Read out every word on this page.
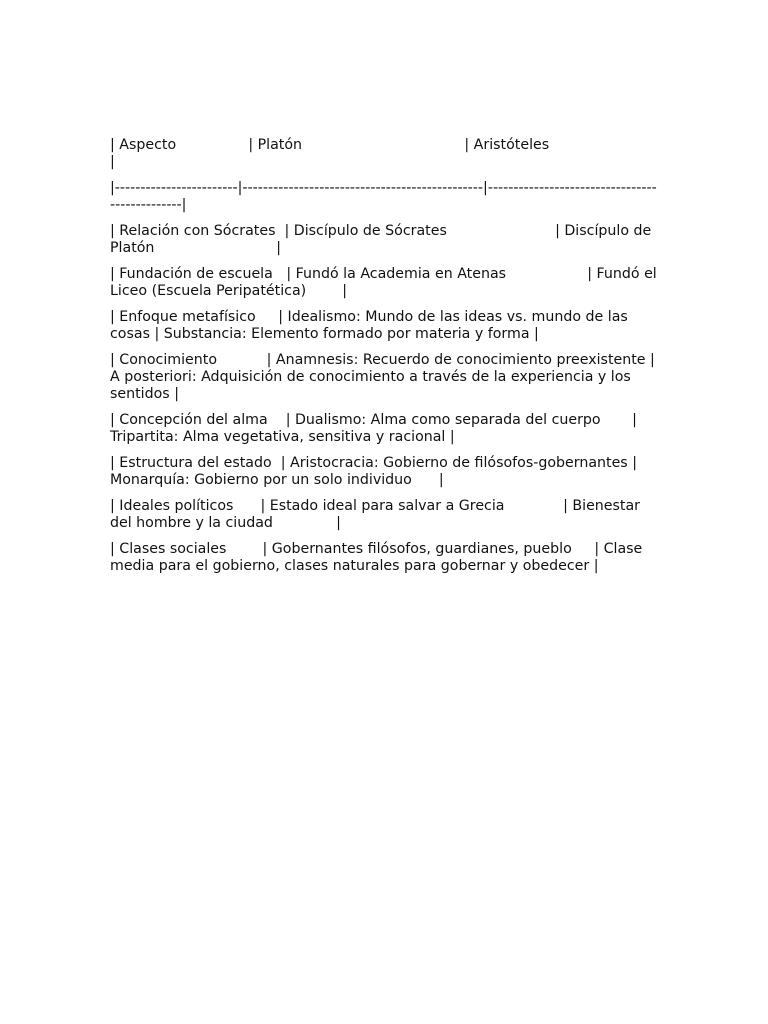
| Aspecto                | Platón                                    | Aristóteles                                   |

|------------------------|-----------------------------------------------|-----------------------------------------------|

| Relación con Sócrates  | Discípulo de Sócrates                        | Discípulo de Platón                           |

| Fundación de escuela   | Fundó la Academia en Atenas                  | Fundó el Liceo (Escuela Peripatética)        |

| Enfoque metafísico     | Idealismo: Mundo de las ideas vs. mundo de las cosas | Substancia: Elemento formado por materia y forma |

| Conocimiento           | Anamnesis: Recuerdo de conocimiento preexistente | A posteriori: Adquisición de conocimiento a través de la experiencia y los sentidos |

| Concepción del alma    | Dualismo: Alma como separada del cuerpo       | Tripartita: Alma vegetativa, sensitiva y racional |

| Estructura del estado  | Aristocracia: Gobierno de filósofos-gobernantes | Monarquía: Gobierno por un solo individuo      |

| Ideales políticos      | Estado ideal para salvar a Grecia             | Bienestar del hombre y la ciudad              |

| Clases sociales        | Gobernantes filósofos, guardianes, pueblo     | Clase media para el gobierno, clases naturales para gobernar y obedecer |
